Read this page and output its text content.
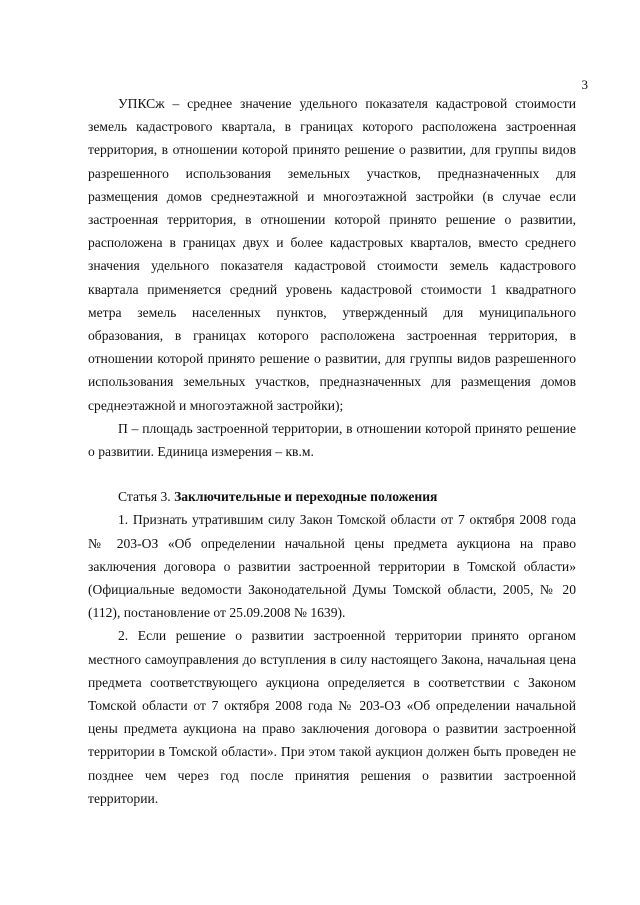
3

УПКСж – среднее значение удельного показателя кадастровой стоимости земель кадастрового квартала, в границах которого расположена застроенная территория, в отношении которой принято решение о развитии, для группы видов разрешенного использования земельных участков, предназначенных для размещения домов среднеэтажной и многоэтажной застройки (в случае если застроенная территория, в отношении которой принято решение о развитии, расположена в границах двух и более кадастровых кварталов, вместо среднего значения удельного показателя кадастровой стоимости земель кадастрового квартала применяется средний уровень кадастровой стоимости 1 квадратного метра земель населенных пунктов, утвержденный для муниципального образования, в границах которого расположена застроенная территория, в отношении которой принято решение о развитии, для группы видов разрешенного использования земельных участков, предназначенных для размещения домов среднеэтажной и многоэтажной застройки);

П – площадь застроенной территории, в отношении которой принято решение о развитии. Единица измерения – кв.м.

Статья 3. Заключительные и переходные положения

1. Признать утратившим силу Закон Томской области от 7 октября 2008 года № 203-ОЗ «Об определении начальной цены предмета аукциона на право заключения договора о развитии застроенной территории в Томской области» (Официальные ведомости Законодательной Думы Томской области, 2005, № 20 (112), постановление от 25.09.2008 № 1639).

2. Если решение о развитии застроенной территории принято органом местного самоуправления до вступления в силу настоящего Закона, начальная цена предмета соответствующего аукциона определяется в соответствии с Законом Томской области от 7 октября 2008 года № 203-ОЗ «Об определении начальной цены предмета аукциона на право заключения договора о развитии застроенной территории в Томской области». При этом такой аукцион должен быть проведен не позднее чем через год после принятия решения о развитии застроенной территории.
